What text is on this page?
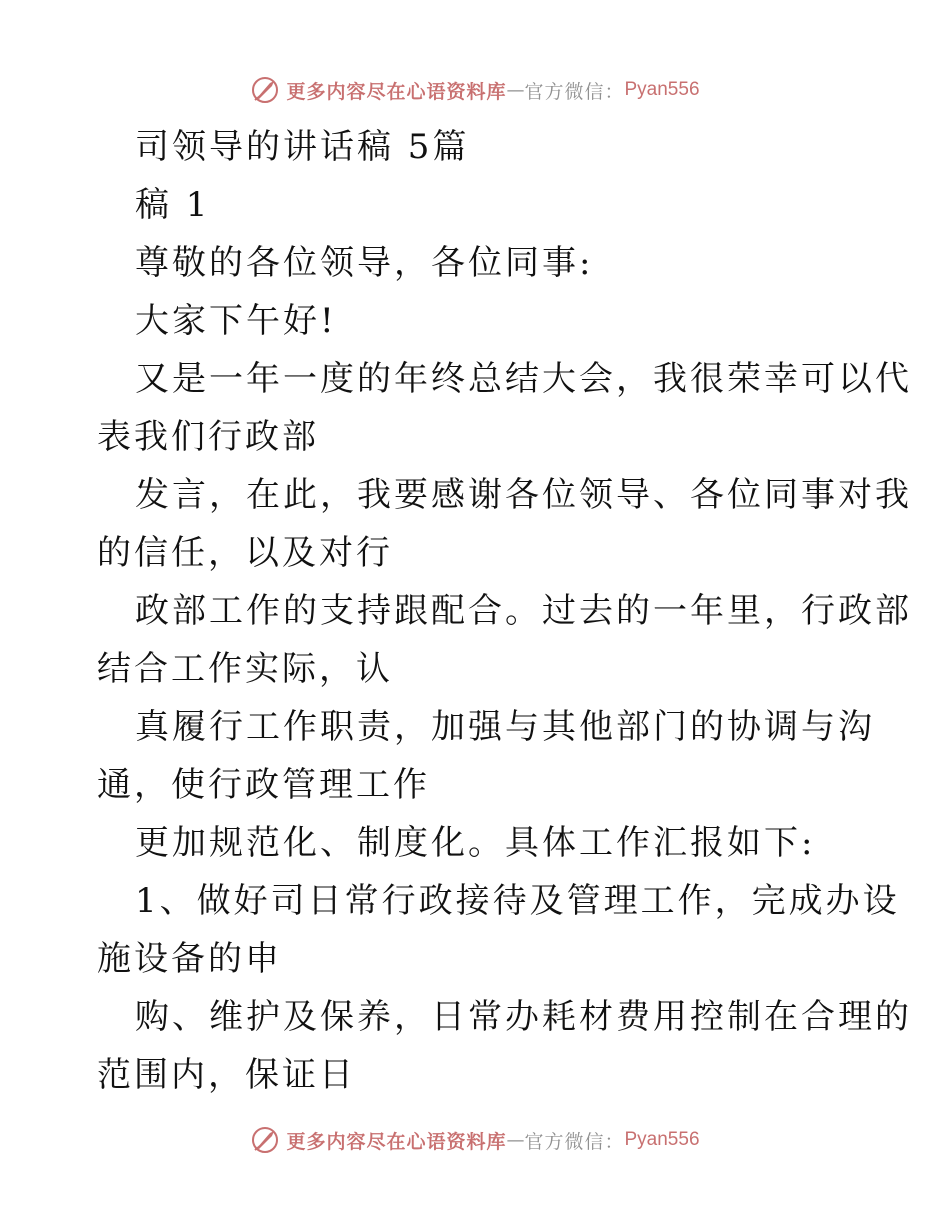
更多内容尽在心语资料库 — 官方微信： Pyan556
司领导的讲话稿 5篇
稿 1
尊敬的各位领导，各位同事:
大家下午好!
又是一年一度的年终总结大会，我很荣幸可以代
表我们行政部
发言，在此，我要感谢各位领导、各位同事对我
的信任，以及对行
政部工作的支持跟配合。过去的一年里，行政部
结合工作实际，认
真履行工作职责，加强与其他部门的协调与沟
通，使行政管理工作
更加规范化、制度化。具体工作汇报如下:
1、做好司日常行政接待及管理工作，完成办设
施设备的申
购、维护及保养，日常办耗材费用控制在合理的
范围内，保证日
更多内容尽在心语资料库 — 官方微信： Pyan556
